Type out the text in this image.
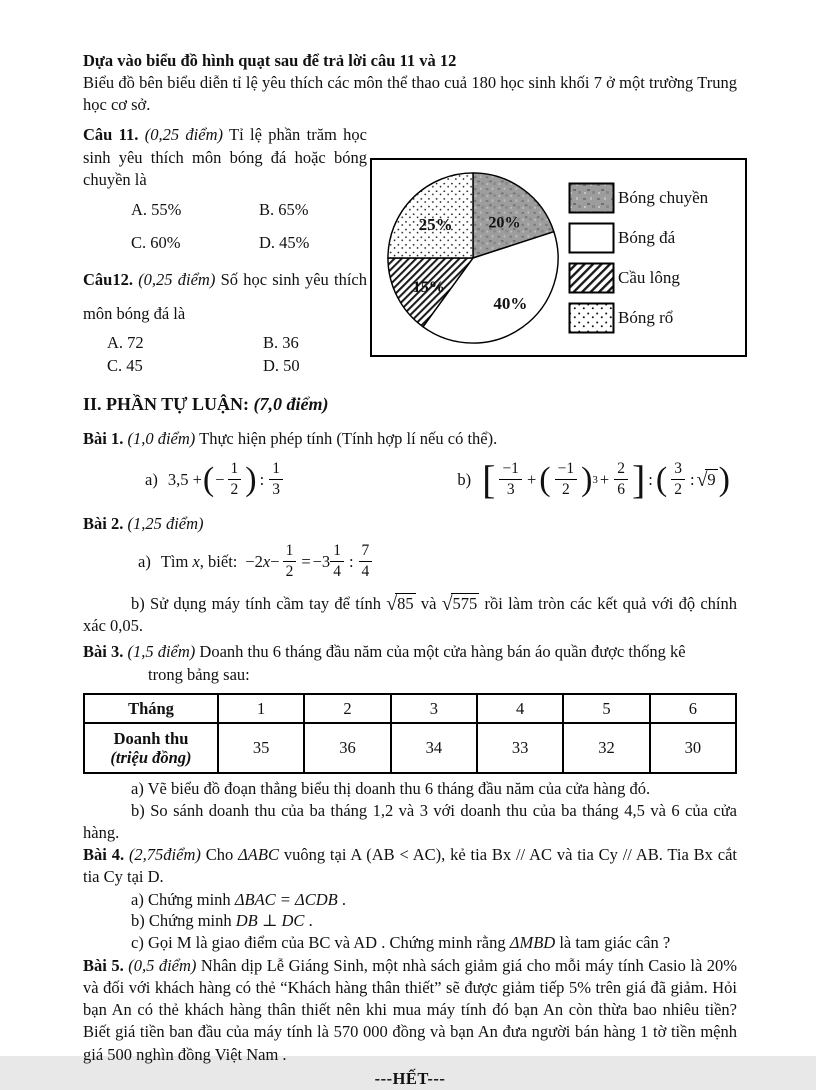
Dựa vào biểu đồ hình quạt sau để trả lời câu 11 và 12

Biểu đồ bên biểu diễn tỉ lệ yêu thích các môn thể thao cuả 180 học sinh khối 7 ở một trường Trung học cơ sở.

20%
40%
15%
25%
Bóng chuyền
Bóng đá
Cầu lông
Bóng rổ

Câu 11. (0,25 điểm) Tỉ lệ phần trăm học sinh yêu thích môn bóng đá hoặc bóng chuyền là

A. 55%	B. 65%
C. 60%	D. 45%

Câu12. (0,25 điểm) Số học sinh yêu thích môn bóng đá là

A. 72	B. 36
C. 45	D. 50

II. PHẦN TỰ LUẬN: (7,0 điểm)

Bài 1. (1,0 điểm) Thực hiện phép tính (Tính hợp lí nếu có thể).

a) 3,5 + ( − $\frac{1}{2}$ ) : $\frac{1}{3}$	b) [ $\frac{-1}{3}$ + ( $\frac{-1}{2}$ ) $3 + \frac{2}{6}$ ] : ( $\frac{3}{2}$ : √9 )

Bài 2. (1,25 điểm)

a) Tìm x, biết: −2 $x - \frac{1}{2} = -3 \frac{1}{4}$ : $\frac{7}{4}$

b) Sử dụng máy tính cầm tay để tính √85 và √575 rồi làm tròn các kết quả với độ chính xác 0,05.

Bài 3. (1,5 điểm) Doanh thu 6 tháng đầu năm của một cửa hàng bán áo quần được thống kê

trong bảng sau:

Tháng	1	2	3	4	5	6

Doanh thu
(triệu đồng)	35	36	34	33	32	30

a) Vẽ biểu đồ đoạn thẳng biểu thị doanh thu 6 tháng đầu năm của cửa hàng đó.

b) So sánh doanh thu của ba tháng 1,2 và 3 với doanh thu của ba tháng 4,5 và 6 của cửa hàng.

Bài 4. (2,75điểm) Cho ΔABC vuông tại A (AB < AC), kẻ tia Bx // AC và tia Cy // AB. Tia Bx cắt tia Cy tại D.

a) Chứng minh ΔBAC = ΔCDB .

b) Chứng minh DB ⊥ DC .

c) Gọi M là giao điểm của BC và AD . Chứng minh rằng ΔMBD là tam giác cân ?

Bài 5. (0,5 điểm) Nhân dịp Lễ Giáng Sinh, một nhà sách giảm giá cho mỗi máy tính Casio là 20% và đối với khách hàng có thẻ “Khách hàng thân thiết” sẽ được giảm tiếp 5% trên giá đã giảm. Hỏi bạn An có thẻ khách hàng thân thiết nên khi mua máy tính đó bạn An còn thừa bao nhiêu tiền? Biết giá tiền ban đầu của máy tính là 570 000 đồng và bạn An đưa người bán hàng 1 tờ tiền mệnh giá 500 nghìn đồng Việt Nam .

---HẾT---
